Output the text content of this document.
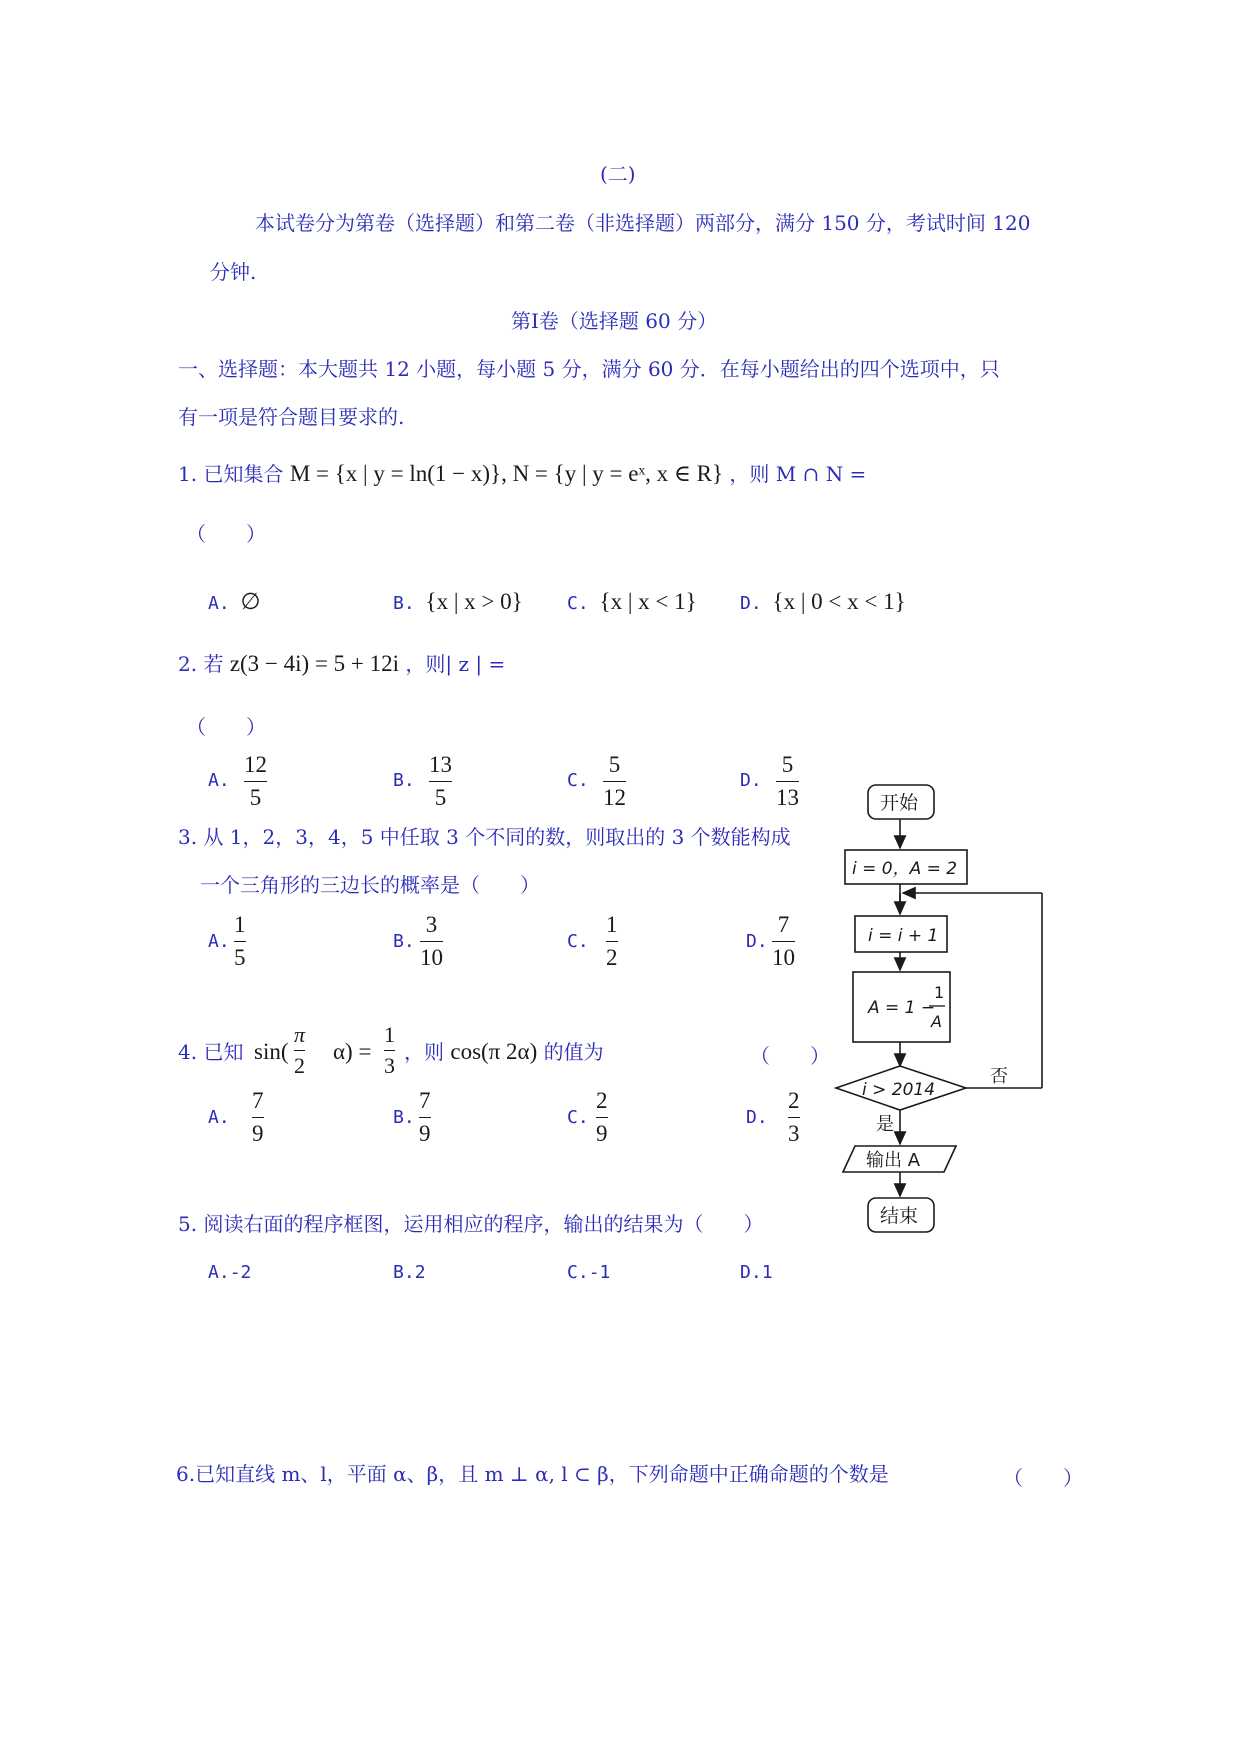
(二)
本试卷分为第卷（选择题）和第二卷（非选择题）两部分，满分 150 分，考试时间 120
分钟.
第Ⅰ卷（选择题 60 分）
一、选择题：本大题共 12 小题，每小题 5 分，满分 60 分．在每小题给出的四个选项中，只
有一项是符合题目要求的.
1. 已知集合 M = {x | y = ln(1 − x)}, N = {y | y = eˣ, x ∈ R} ，则 M ∩ N =
（　　）
A. ∅	B. {x | x > 0} C. {x | x < 1} D. {x | 0 < x < 1}
2. 若 z(3 − 4i) = 5 + 12i ，则| z | =
（　　）
A.
12
5
B.
13
5
C.
5
12
D.
5
13
3. 从 1，2，3，4，5 中任取 3 个不同的数，则取出的 3 个数能构成
一个三角形的三边长的概率是（　　）
A.
1
5
B.
3
10
C.
1
2
D.
7
10
4. 已知 sin(
π
2
α) =
1
3
，则 cos(π 2α) 的值为	（　　）
A.
7
9
B.
7
9
C.
2
9
D.
2
3
5. 阅读右面的程序框图，运用相应的程序，输出的结果为（　　）
A.-2	B.2	C.-1	D.1
6.已知直线 m、l，平面 α、β，且 m ⊥ α, l ⊂ β，下列命题中正确命题的个数是	（　　）
开始
i = 0，A = 2
i = i + 1
A = 1 −
1
A
i > 2014
否
是
输出 A
结束
